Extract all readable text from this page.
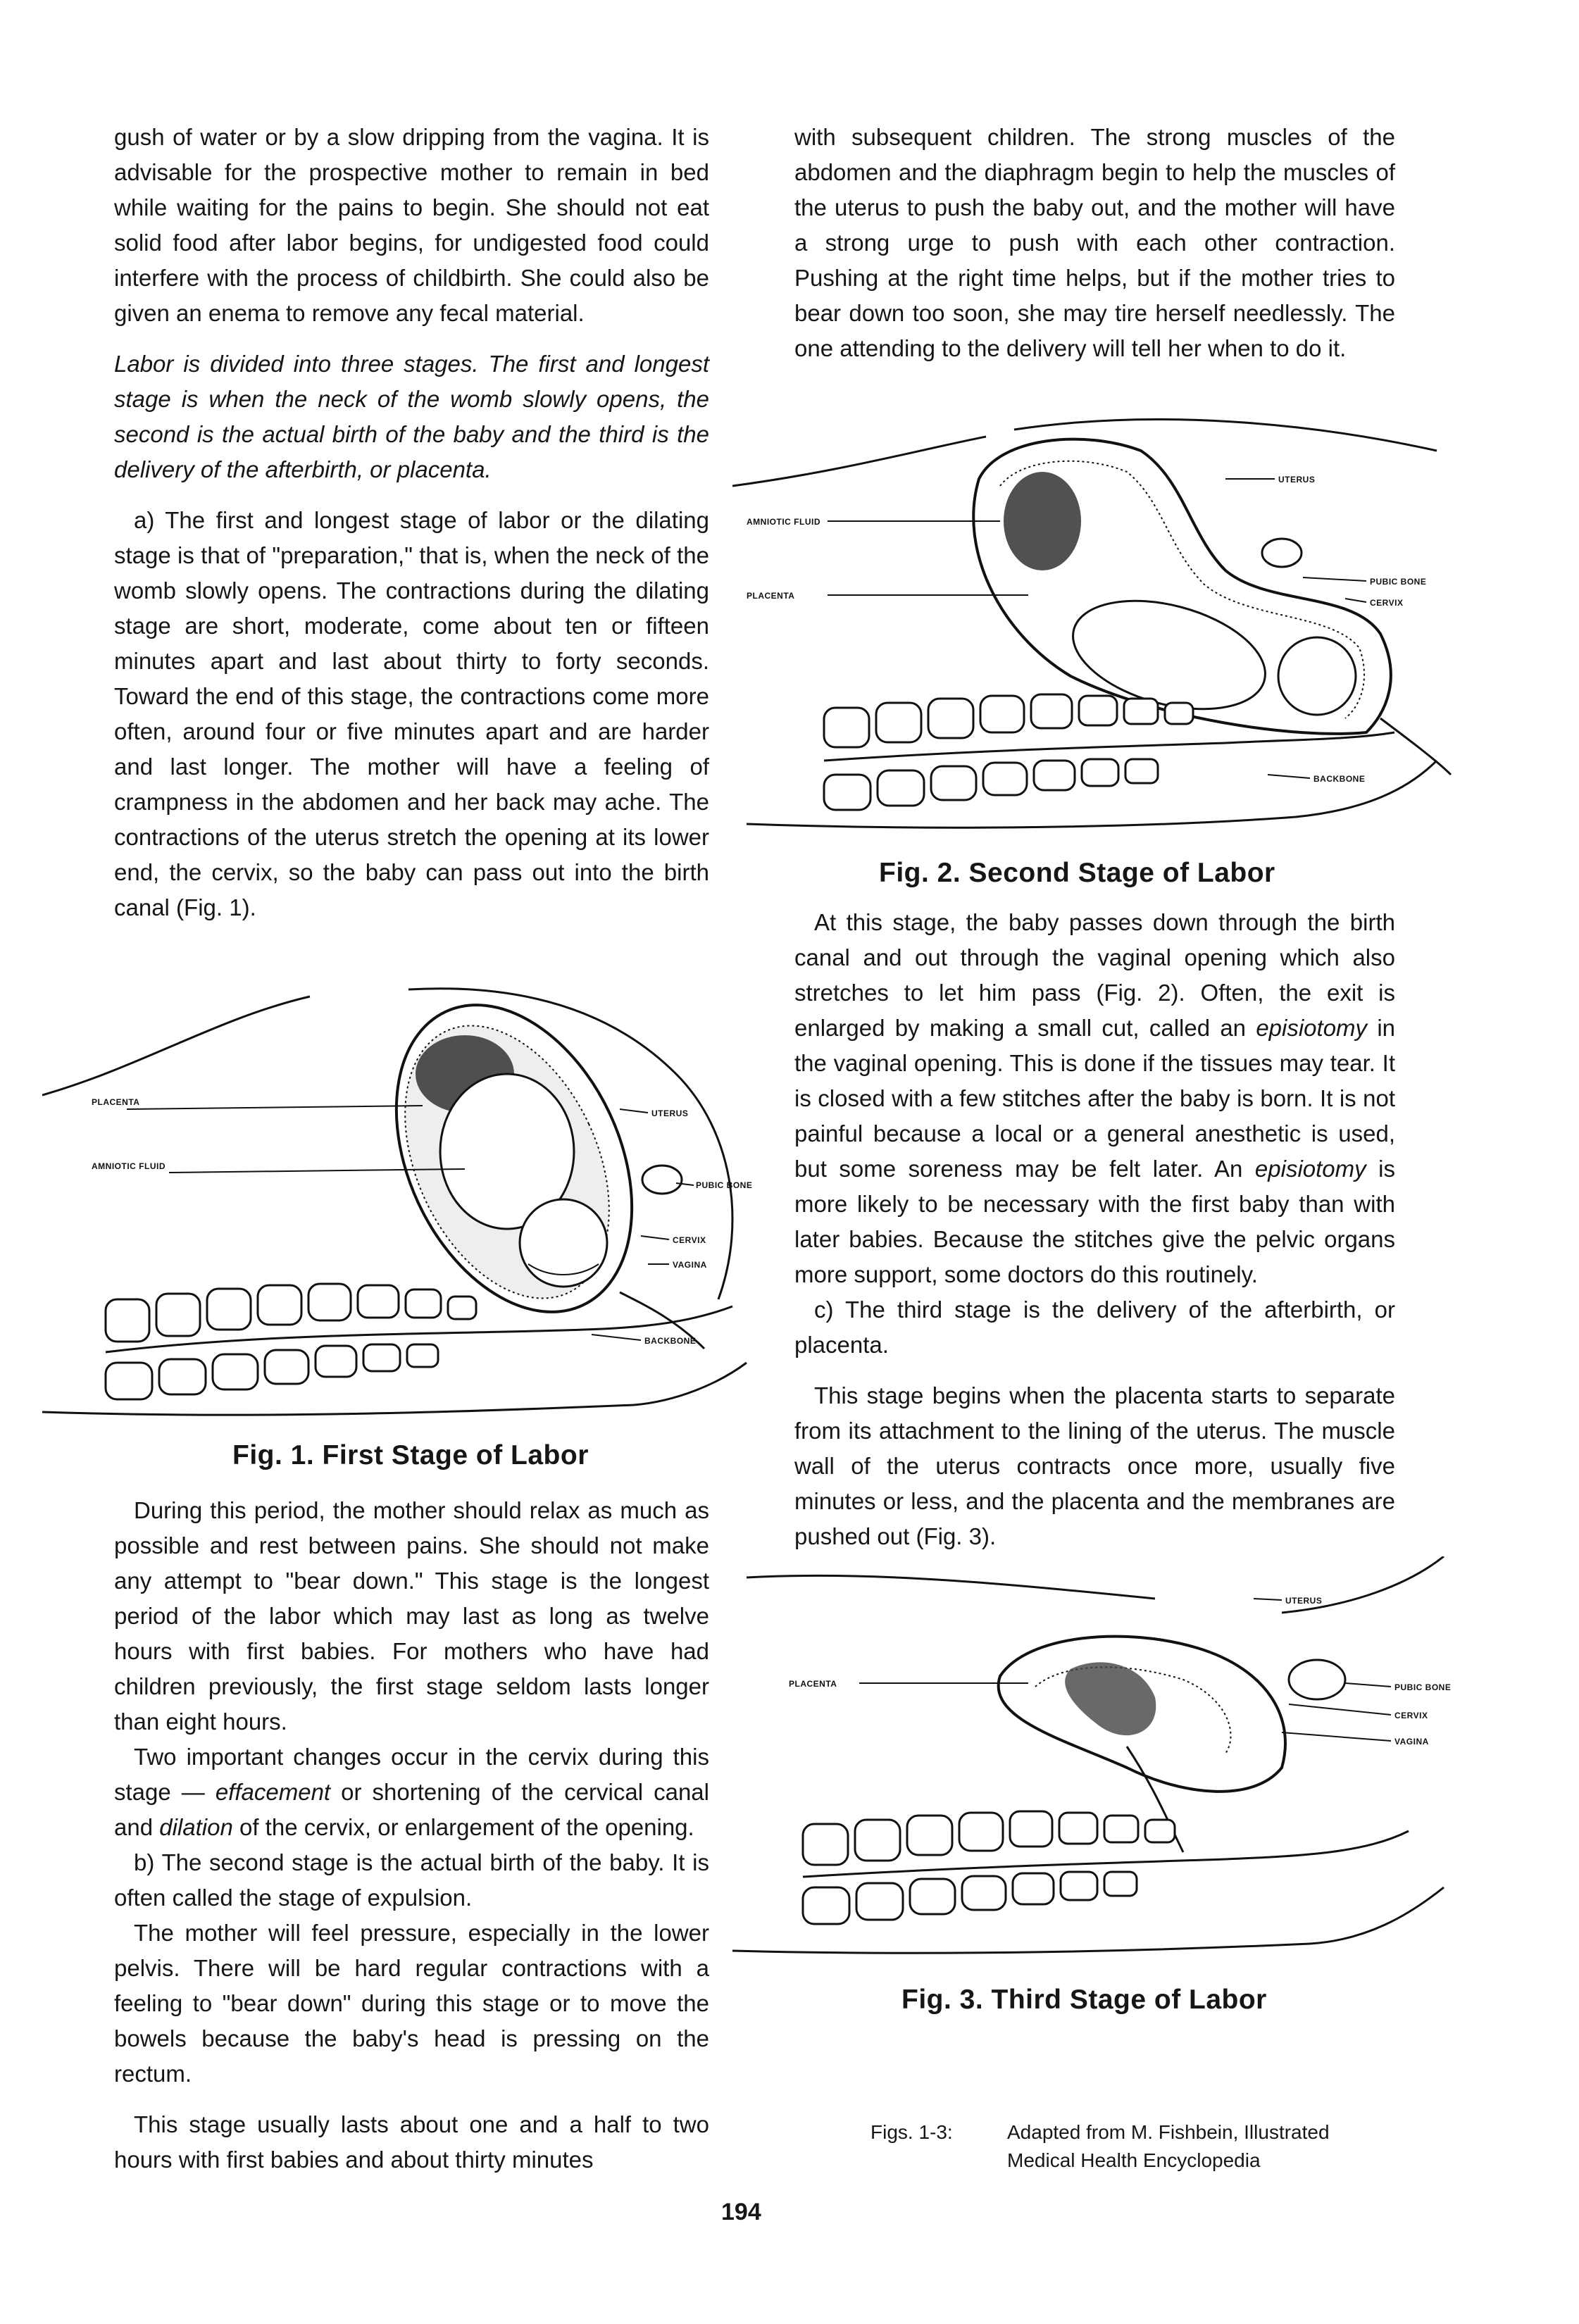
gush of water or by a slow dripping from the vagina. It is advisable for the prospective mother to remain in bed while waiting for the pains to begin. She should not eat solid food after labor begins, for undigested food could interfere with the process of childbirth. She could also be given an enema to remove any fecal material.

Labor is divided into three stages. The first and longest stage is when the neck of the womb slowly opens, the second is the actual birth of the baby and the third is the delivery of the afterbirth, or placenta.

a) The first and longest stage of labor or the dilating stage is that of "preparation," that is, when the neck of the womb slowly opens. The contractions during the dilating stage are short, moderate, come about ten or fifteen minutes apart and last about thirty to forty seconds. Toward the end of this stage, the contractions come more often, around four or five minutes apart and are harder and last longer. The mother will have a feeling of crampness in the abdomen and her back may ache. The contractions of the uterus stretch the opening at its lower end, the cervix, so the baby can pass out into the birth canal (Fig. 1).

During this period, the mother should relax as much as possible and rest between pains. She should not make any attempt to "bear down." This stage is the longest period of the labor which may last as long as twelve hours with first babies. For mothers who have had children previously, the first stage seldom lasts longer than eight hours.

Two important changes occur in the cervix during this stage — effacement or shortening of the cervical canal and dilation of the cervix, or enlargement of the opening.

b) The second stage is the actual birth of the baby. It is often called the stage of expulsion.

The mother will feel pressure, especially in the lower pelvis. There will be hard regular contractions with a feeling to "bear down" during this stage or to move the bowels because the baby's head is pressing on the rectum.

This stage usually lasts about one and a half to two hours with first babies and about thirty minutes

with subsequent children. The strong muscles of the abdomen and the diaphragm begin to help the muscles of the uterus to push the baby out, and the mother will have a strong urge to push with each other contraction. Pushing at the right time helps, but if the mother tries to bear down too soon, she may tire herself needlessly. The one attending to the delivery will tell her when to do it.

At this stage, the baby passes down through the birth canal and out through the vaginal opening which also stretches to let him pass (Fig. 2). Often, the exit is enlarged by making a small cut, called an episiotomy in the vaginal opening. This is done if the tissues may tear. It is closed with a few stitches after the baby is born. It is not painful because a local or a general anesthetic is used, but some soreness may be felt later. An episiotomy is more likely to be necessary with the first baby than with later babies. Because the stitches give the pelvic organs more support, some doctors do this routinely.

c) The third stage is the delivery of the afterbirth, or placenta.

This stage begins when the placenta starts to separate from its attachment to the lining of the uterus. The muscle wall of the uterus contracts once more, usually five minutes or less, and the placenta and the membranes are pushed out (Fig. 3).

PLACENTA
UTERUS
AMNIOTIC FLUID
PUBIC BONE
CERVIX
VAGINA
BACKBONE
Fig. 1. First Stage of Labor
UTERUS
AMNIOTIC FLUID
PUBIC BONE
PLACENTA
CERVIX
BACKBONE
Fig. 2. Second Stage of Labor
UTERUS
PLACENTA	PUBIC BONE
CERVIX
VAGINA
Fig. 3. Third Stage of Labor
Figs. 1-3:	Adapted from M. Fishbein, Illustrated
Medical Health Encyclopedia
194
